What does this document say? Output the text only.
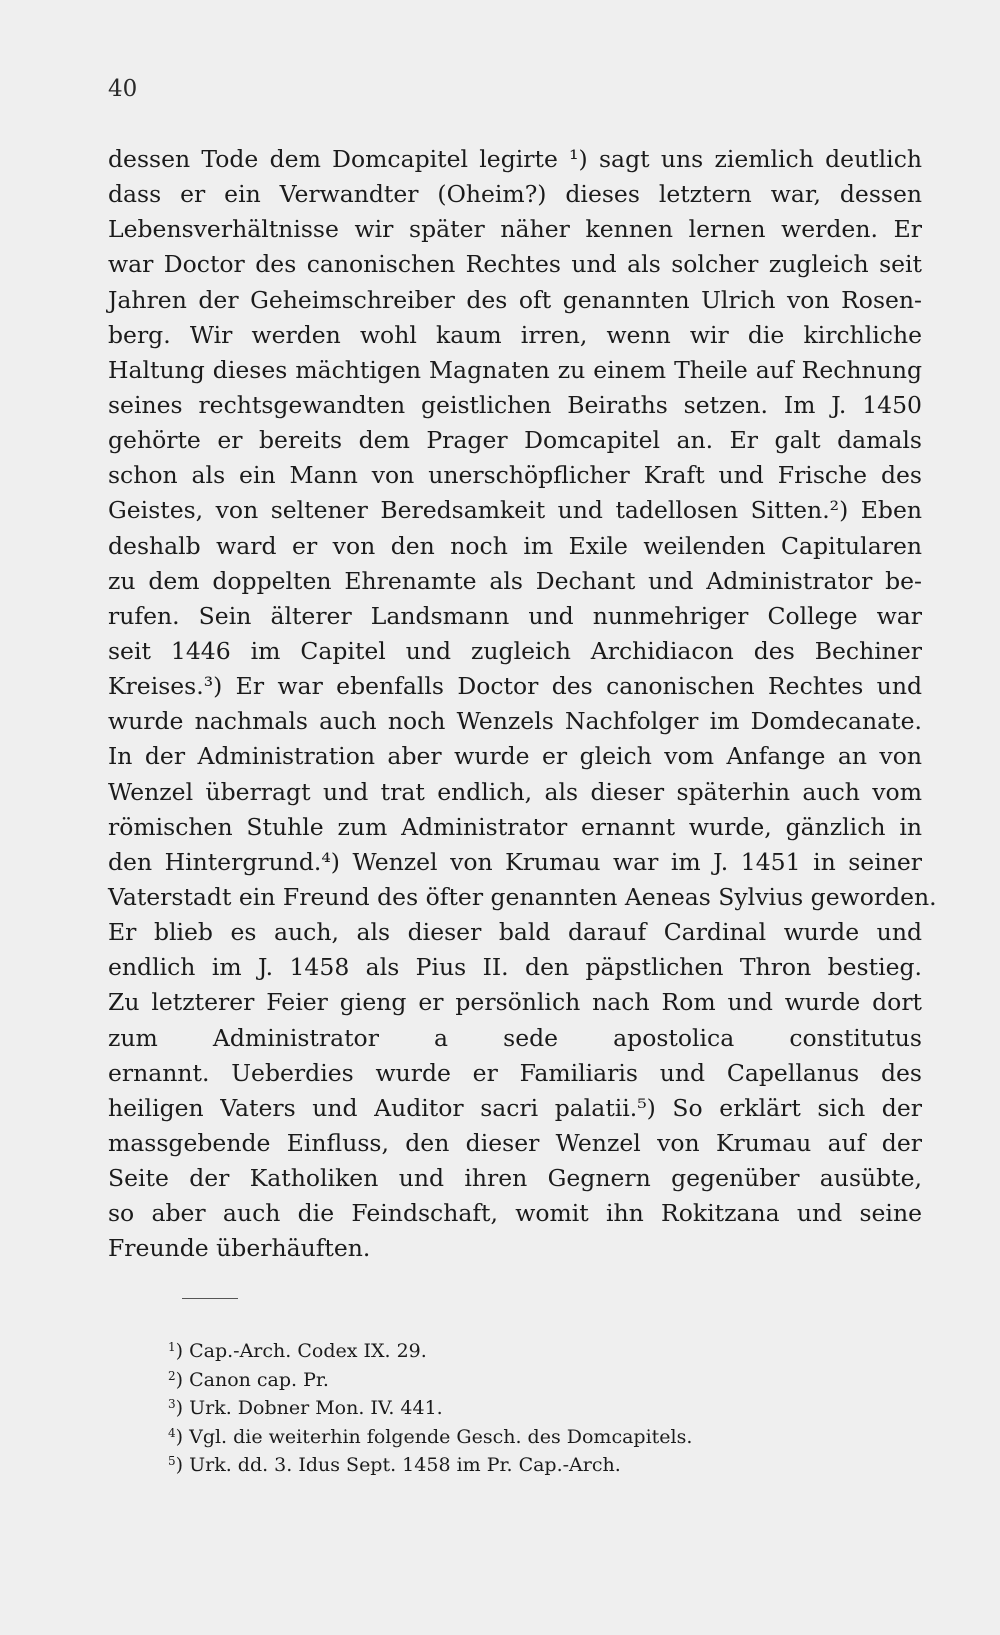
40
dessen Tode dem Domcapitel legirte ¹) sagt uns ziemlich deutlich
dass er ein Verwandter (Oheim?) dieses letztern war, dessen
Lebensverhältnisse wir später näher kennen lernen werden. Er
war Doctor des canonischen Rechtes und als solcher zugleich seit
Jahren der Geheimschreiber des oft genannten Ulrich von Rosen-
berg. Wir werden wohl kaum irren, wenn wir die kirchliche
Haltung dieses mächtigen Magnaten zu einem Theile auf Rechnung
seines rechtsgewandten geistlichen Beiraths setzen. Im J. 1450
gehörte er bereits dem Prager Domcapitel an. Er galt damals
schon als ein Mann von unerschöpflicher Kraft und Frische des
Geistes, von seltener Beredsamkeit und tadellosen Sitten.²) Eben
deshalb ward er von den noch im Exile weilenden Capitularen
zu dem doppelten Ehrenamte als Dechant und Administrator be-
rufen. Sein älterer Landsmann und nunmehriger College war
seit 1446 im Capitel und zugleich Archidiacon des Bechiner
Kreises.³) Er war ebenfalls Doctor des canonischen Rechtes und
wurde nachmals auch noch Wenzels Nachfolger im Domdecanate.
In der Administration aber wurde er gleich vom Anfange an von
Wenzel überragt und trat endlich, als dieser späterhin auch vom
römischen Stuhle zum Administrator ernannt wurde, gänzlich in
den Hintergrund.⁴) Wenzel von Krumau war im J. 1451 in seiner
Vaterstadt ein Freund des öfter genannten Aeneas Sylvius geworden.
Er blieb es auch, als dieser bald darauf Cardinal wurde und
endlich im J. 1458 als Pius II. den päpstlichen Thron bestieg.
Zu letzterer Feier gieng er persönlich nach Rom und wurde dort
zum Administrator a sede apostolica constitutus
ernannt. Ueberdies wurde er Familiaris und Capellanus des
heiligen Vaters und Auditor sacri palatii.⁵) So erklärt sich der
massgebende Einfluss, den dieser Wenzel von Krumau auf der
Seite der Katholiken und ihren Gegnern gegenüber ausübte,
so aber auch die Feindschaft, womit ihn Rokitzana und seine
Freunde überhäuften.
$^1$) Cap.-Arch. Codex IX. 29.
$^2$) Canon cap. Pr.
$^3$) Urk. Dobner Mon. IV. 441.
$^4$) Vgl. die weiterhin folgende Gesch. des Domcapitels.
$^5$) Urk. dd. 3. Idus Sept. 1458 im Pr. Cap.-Arch.
